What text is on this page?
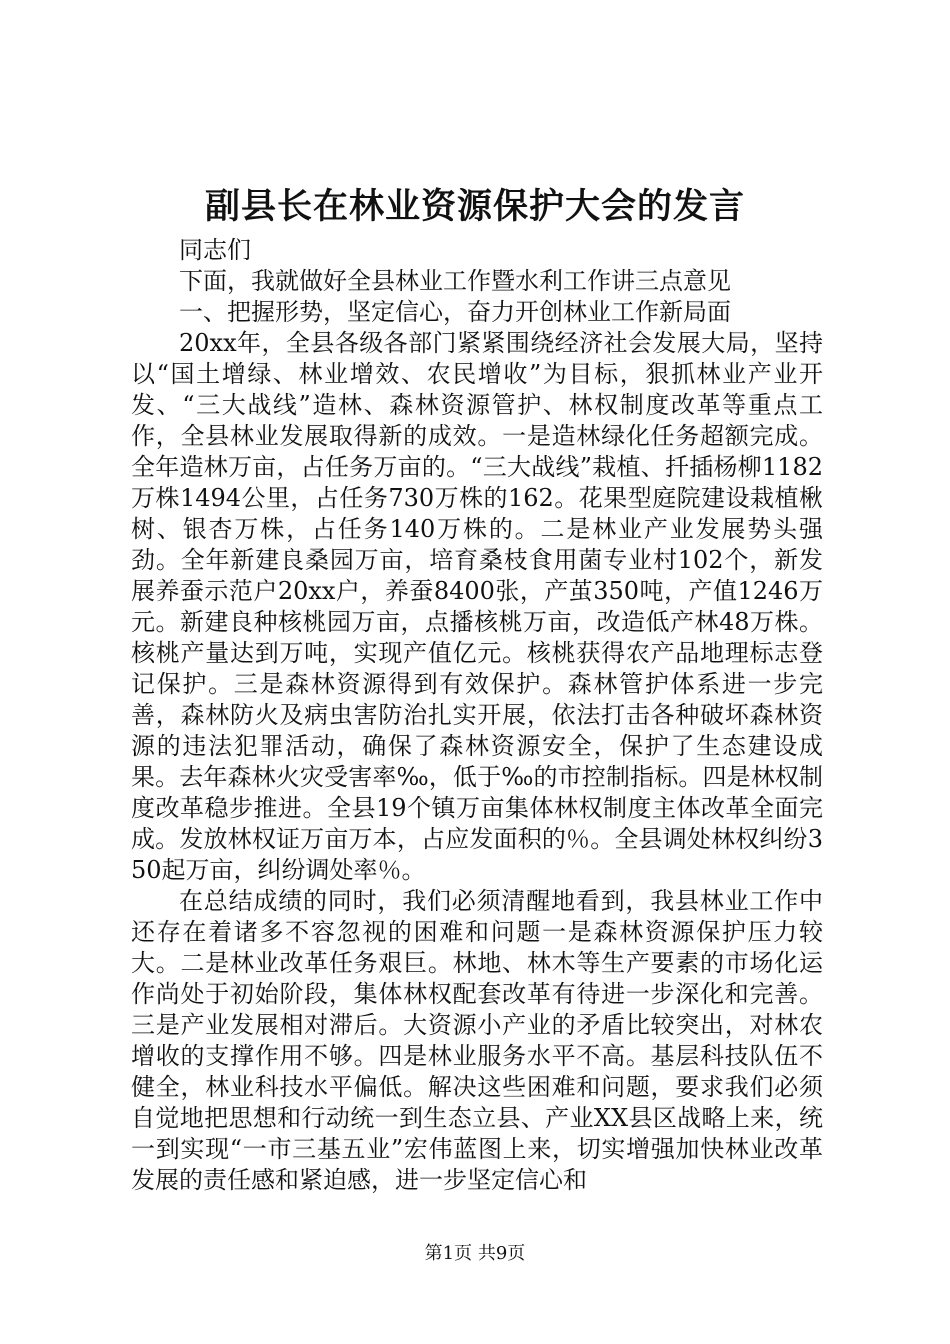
副县长在林业资源保护大会的发言

同志们

下面，我就做好全县林业工作暨水利工作讲三点意见

一、把握形势，坚定信心，奋力开创林业工作新局面

20xx年，全县各级各部门紧紧围绕经济社会发展大局，坚持以“国土增绿、林业增效、农民增收”为目标，狠抓林业产业开发、“三大战线”造林、森林资源管护、林权制度改革等重点工作，全县林业发展取得新的成效。一是造林绿化任务超额完成。全年造林万亩，占任务万亩的。“三大战线”栽植、扦插杨柳1182万株1494公里，占任务730万株的162。花果型庭院建设栽植楸树、银杏万株，占任务140万株的。二是林业产业发展势头强劲。全年新建良桑园万亩，培育桑枝食用菌专业村102个，新发展养蚕示范户20xx户，养蚕8400张，产茧350吨，产值1246万元。新建良种核桃园万亩，点播核桃万亩，改造低产林48万株。核桃产量达到万吨，实现产值亿元。核桃获得农产品地理标志登记保护。三是森林资源得到有效保护。森林管护体系进一步完善，森林防火及病虫害防治扎实开展，依法打击各种破坏森林资源的违法犯罪活动，确保了森林资源安全，保护了生态建设成果。去年森林火灾受害率‰，低于‰的市控制指标。四是林权制度改革稳步推进。全县19个镇万亩集体林权制度主体改革全面完成。发放林权证万亩万本，占应发面积的％。全县调处林权纠纷350起万亩，纠纷调处率％。

在总结成绩的同时，我们必须清醒地看到，我县林业工作中还存在着诸多不容忽视的困难和问题一是森林资源保护压力较大。二是林业改革任务艰巨。林地、林木等生产要素的市场化运作尚处于初始阶段，集体林权配套改革有待进一步深化和完善。三是产业发展相对滞后。大资源小产业的矛盾比较突出，对林农增收的支撑作用不够。四是林业服务水平不高。基层科技队伍不健全，林业科技水平偏低。解决这些困难和问题，要求我们必须自觉地把思想和行动统一到生态立县、产业XX县区战略上来，统一到实现“一市三基五业”宏伟蓝图上来，切实增强加快林业改革发展的责任感和紧迫感，进一步坚定信心和

第1页 共9页
